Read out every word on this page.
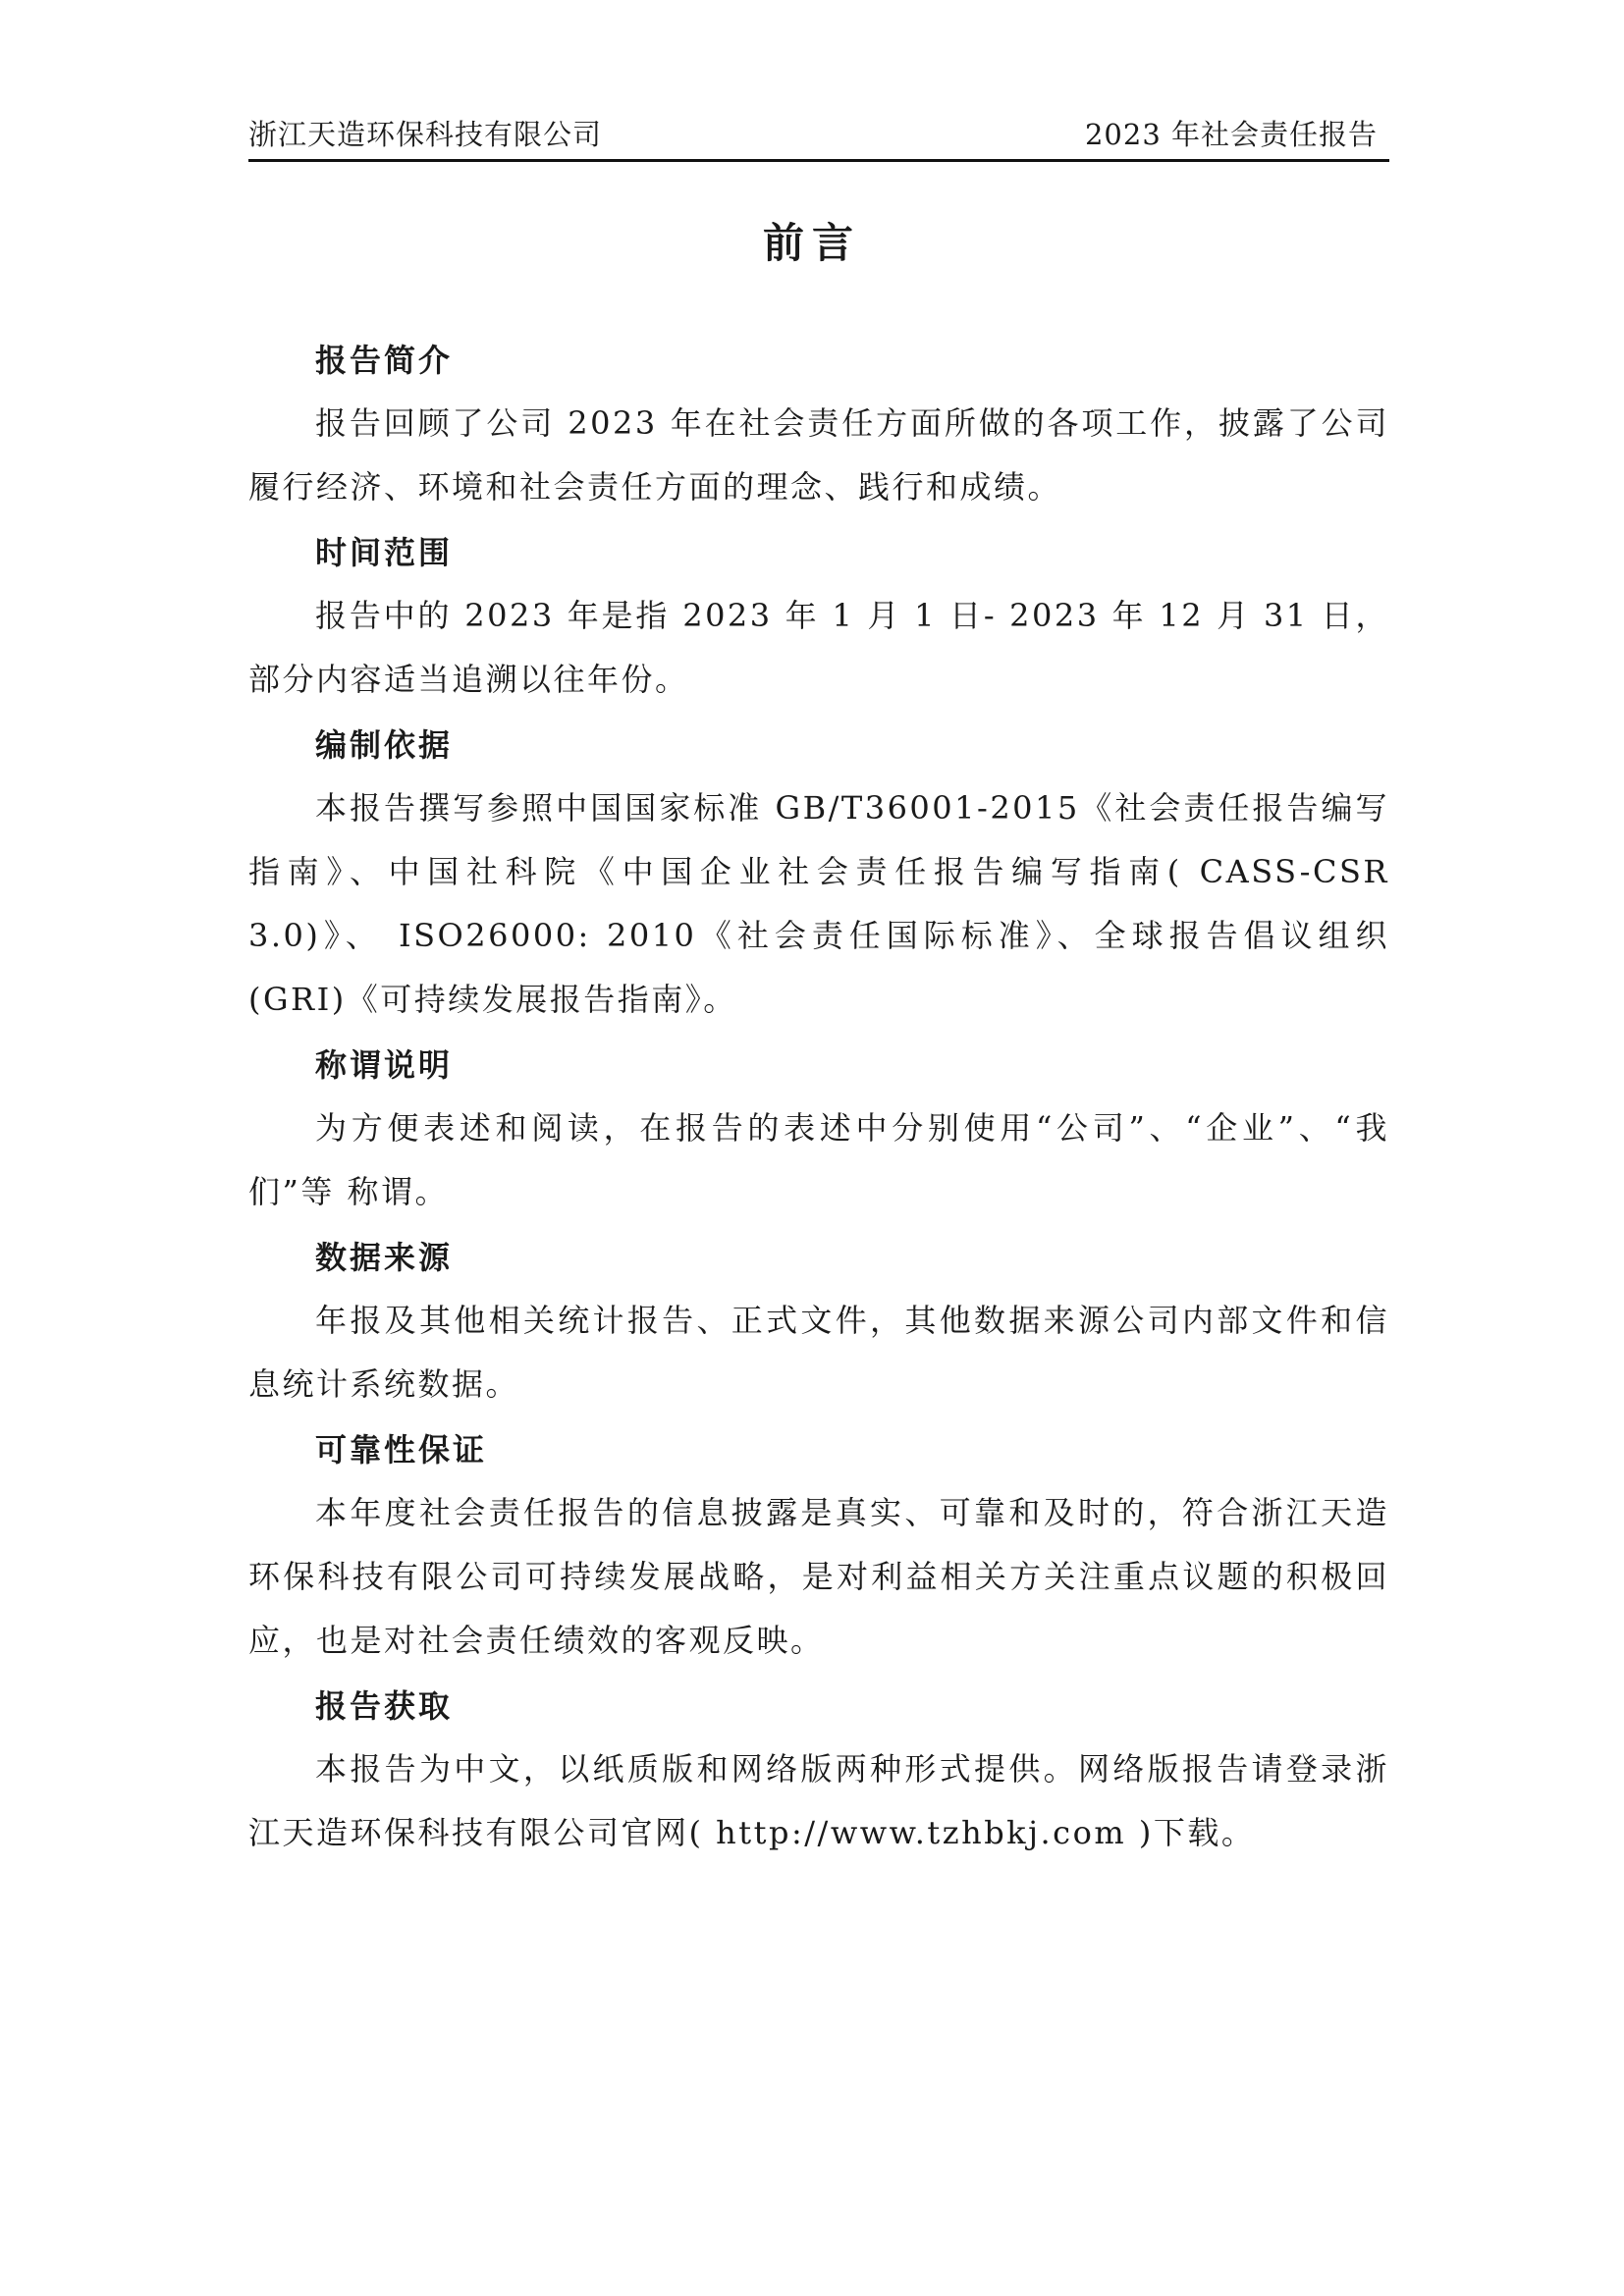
浙江天造环保科技有限公司	2023 年社会责任报告
前言
报告简介

报告回顾了公司 2023 年在社会责任方面所做的各项工作，披露了公司履行经济、环境和社会责任方面的理念、践行和成绩。

时间范围

报告中的 2023 年是指 2023 年 1 月 1 日- 2023 年 12 月 31 日，部分内容适当追溯以往年份。

编制依据

本报告撰写参照中国国家标准 GB/T36001-2015《社会责任报告编写指南》、中国社科院《中国企业社会责任报告编写指南( CASS-CSR 3.0)》、 ISO26000: 2010《社会责任国际标准》、全球报告倡议组织(GRI)《可持续发展报告指南》。

称谓说明

为方便表述和阅读，在报告的表述中分别使用“公司”、“企业”、“我们”等 称谓。

数据来源

年报及其他相关统计报告、正式文件，其他数据来源公司内部文件和信息统计系统数据。

可靠性保证

本年度社会责任报告的信息披露是真实、可靠和及时的，符合浙江天造环保科技有限公司可持续发展战略，是对利益相关方关注重点议题的积极回应，也是对社会责任绩效的客观反映。

报告获取

本报告为中文，以纸质版和网络版两种形式提供。网络版报告请登录浙江天造环保科技有限公司官网( http://www.tzhbkj.com )下载。
